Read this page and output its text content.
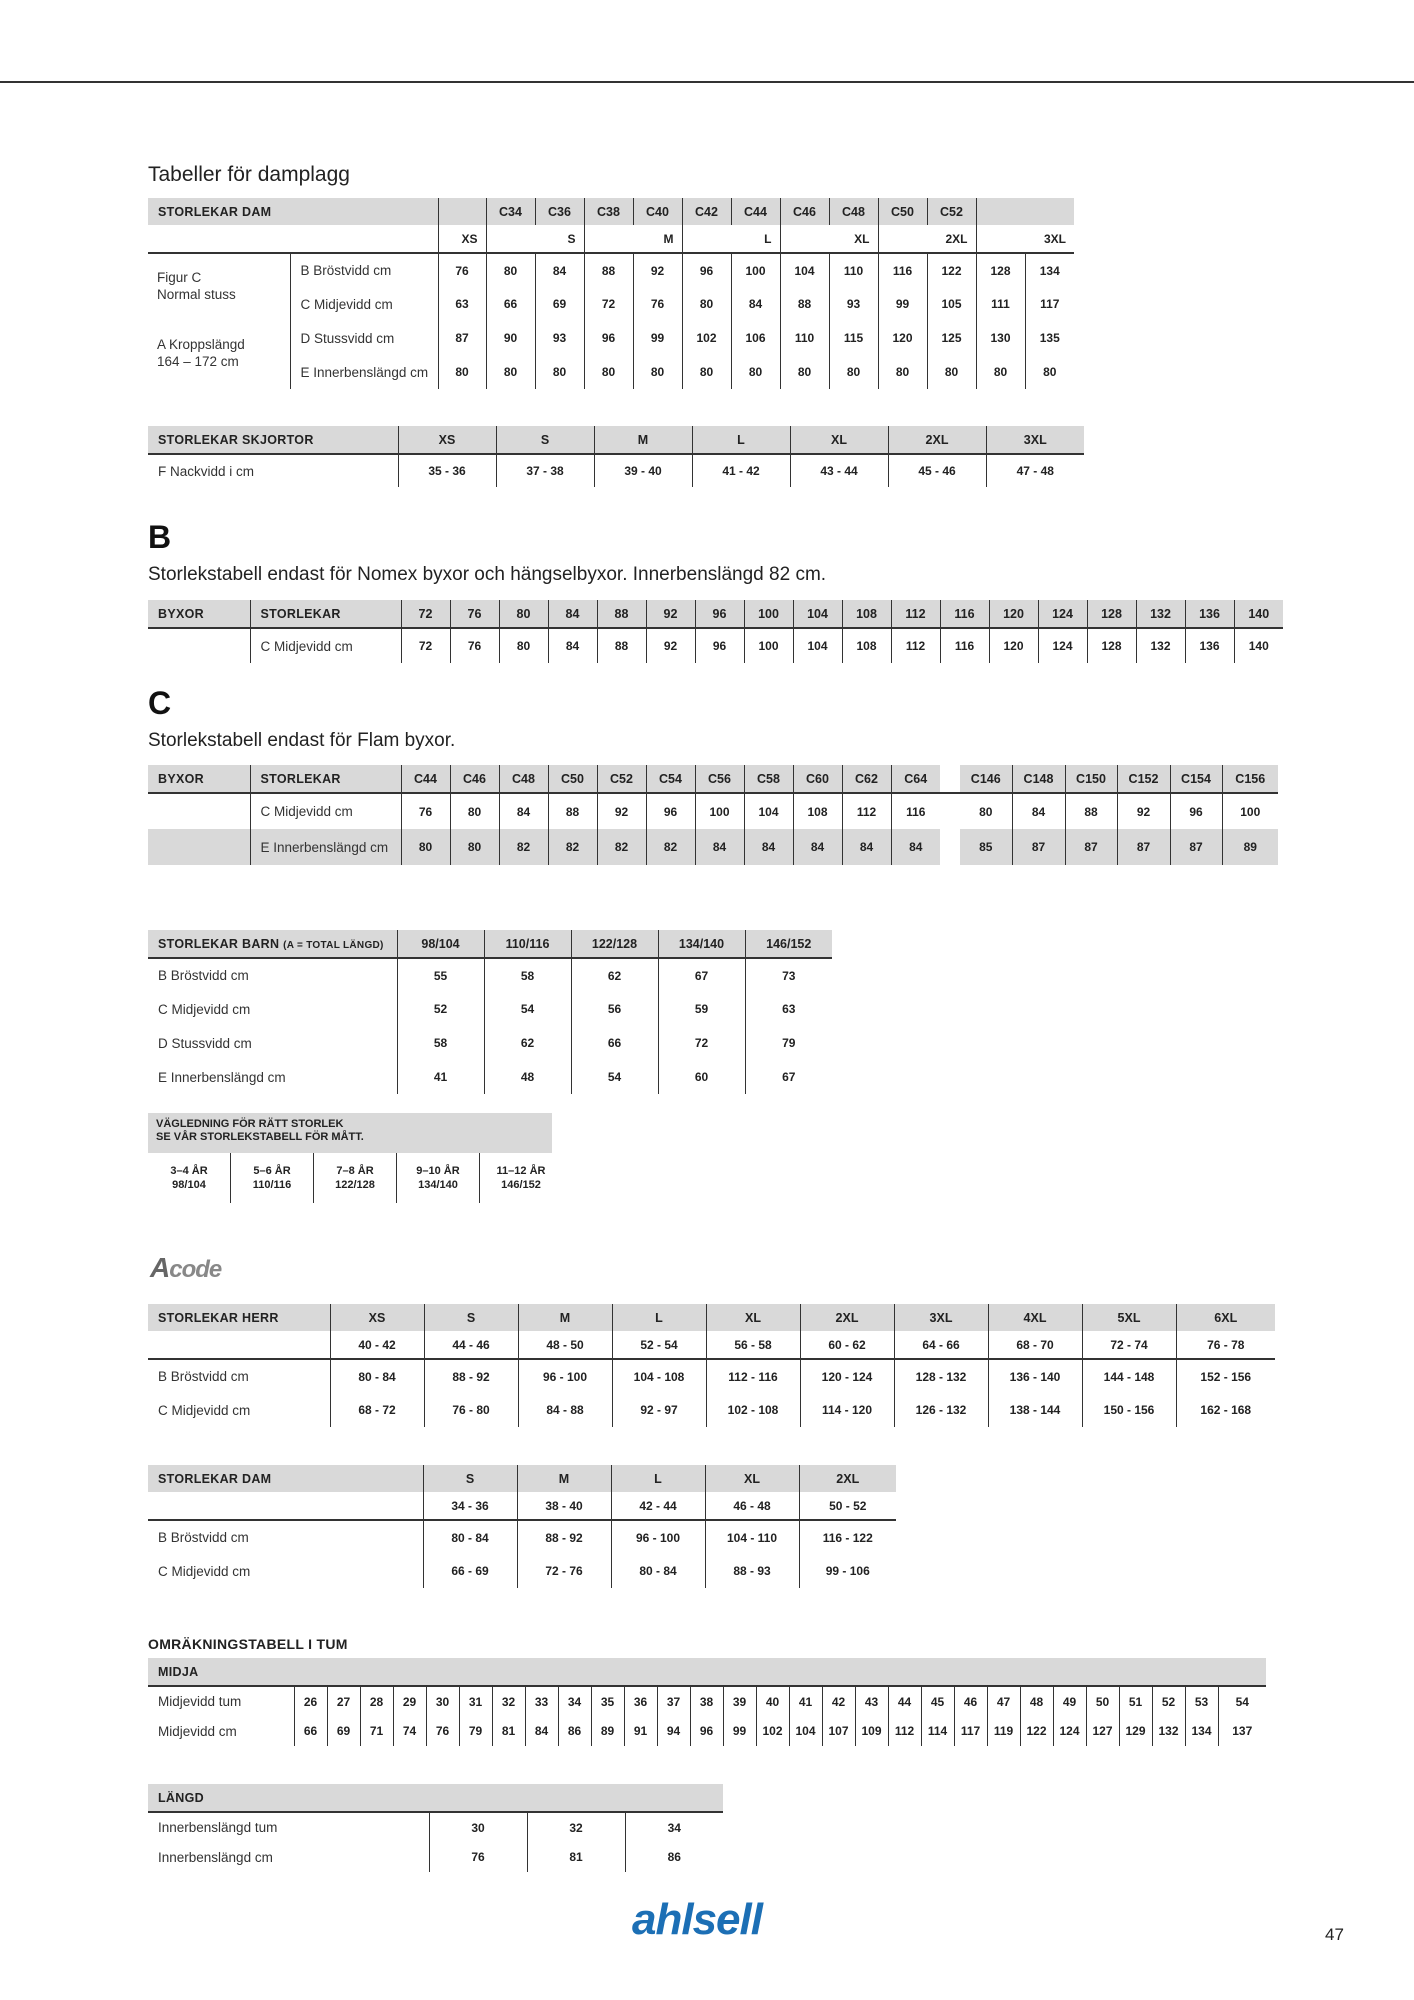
Tabeller för damplagg
STORLEKAR DAM			C34	C36	C38	C40	C42	C44	C46	C48	C50	C52		
		XS	S		M		L		XL		2XL		3XL	
	B Bröstvidd cm	76	80	84	88	92	96	100	104	110	116	122	128	134
	C Midjevidd cm	63	66	69	72	76	80	84	88	93	99	105	111	117
	D Stussvidd cm	87	90	93	96	99	102	106	110	115	120	125	130	135
	E Innerbenslängd cm	80	80	80	80	80	80	80	80	80	80	80	80	80
Figur C
Normal stuss
A Kroppslängd
164 – 172 cm
STORLEKAR SKJORTOR	XS	S	M	L	XL	2XL	3XL
F Nackvidd i cm	35 - 36	37 - 38	39 - 40	41 - 42	43 - 44	45 - 46	47 - 48
B
Storlekstabell endast för Nomex byxor och hängselbyxor. Innerbenslängd 82 cm.
BYXOR	STORLEKAR	72	76	80	84	88	92	96	100	104	108	112	116	120	124	128	132	136	140
	C Midjevidd cm	72	76	80	84	88	92	96	100	104	108	112	116	120	124	128	132	136	140
C
Storlekstabell endast för Flam byxor.
BYXOR	STORLEKAR	C44	C46	C48	C50	C52	C54	C56	C58	C60	C62	C64		C146	C148	C150	C152	C154	C156
	C Midjevidd cm	76	80	84	88	92	96	100	104	108	112	116		80	84	88	92	96	100
	E Innerbenslängd cm	80	80	82	82	82	82	84	84	84	84	84		85	87	87	87	87	89
STORLEKAR BARN (A = TOTAL LÄNGD)	98/104	110/116	122/128	134/140	146/152
B Bröstvidd cm	55	58	62	67	73
C Midjevidd cm	52	54	56	59	63
D Stussvidd cm	58	62	66	72	79
E Innerbenslängd cm	41	48	54	60	67
VÄGLEDNING FÖR RÄTT STORLEK
SE VÅR STORLEKSTABELL FÖR MÅTT.
3–4 ÅR
98/104

5–6 ÅR
110/116

7–8 ÅR
122/128

9–10 ÅR
134/140

11–12 ÅR
146/152
Acode
STORLEKAR HERR	XS	S	M	L	XL	2XL	3XL	4XL	5XL	6XL
	40 - 42	44 - 46	48 - 50	52 - 54	56 - 58	60 - 62	64 - 66	68 - 70	72 - 74	76 - 78
B Bröstvidd cm	80 - 84	88 - 92	96 - 100	104 - 108	112 - 116	120 - 124	128 - 132	136 - 140	144 - 148	152 - 156
C Midjevidd cm	68 - 72	76 - 80	84 - 88	92 - 97	102 - 108	114 - 120	126 - 132	138 - 144	150 - 156	162 - 168
STORLEKAR DAM	S	M	L	XL	2XL
	34 - 36	38 - 40	42 - 44	46 - 48	50 - 52
B Bröstvidd cm	80 - 84	88 - 92	96 - 100	104 - 110	116 - 122
C Midjevidd cm	66 - 69	72 - 76	80 - 84	88 - 93	99 - 106
OMRÄKNINGSTABELL I TUM
MIDJA																													
Midjevidd tum	26	27	28	29	30	31	32	33	34	35	36	37	38	39	40	41	42	43	44	45	46	47	48	49	50	51	52	53	54
Midjevidd cm	66	69	71	74	76	79	81	84	86	89	91	94	96	99	102	104	107	109	112	114	117	119	122	124	127	129	132	134	137
LÄNGD			
Innerbenslängd tum	30	32	34
Innerbenslängd cm	76	81	86
ahlsell	47
